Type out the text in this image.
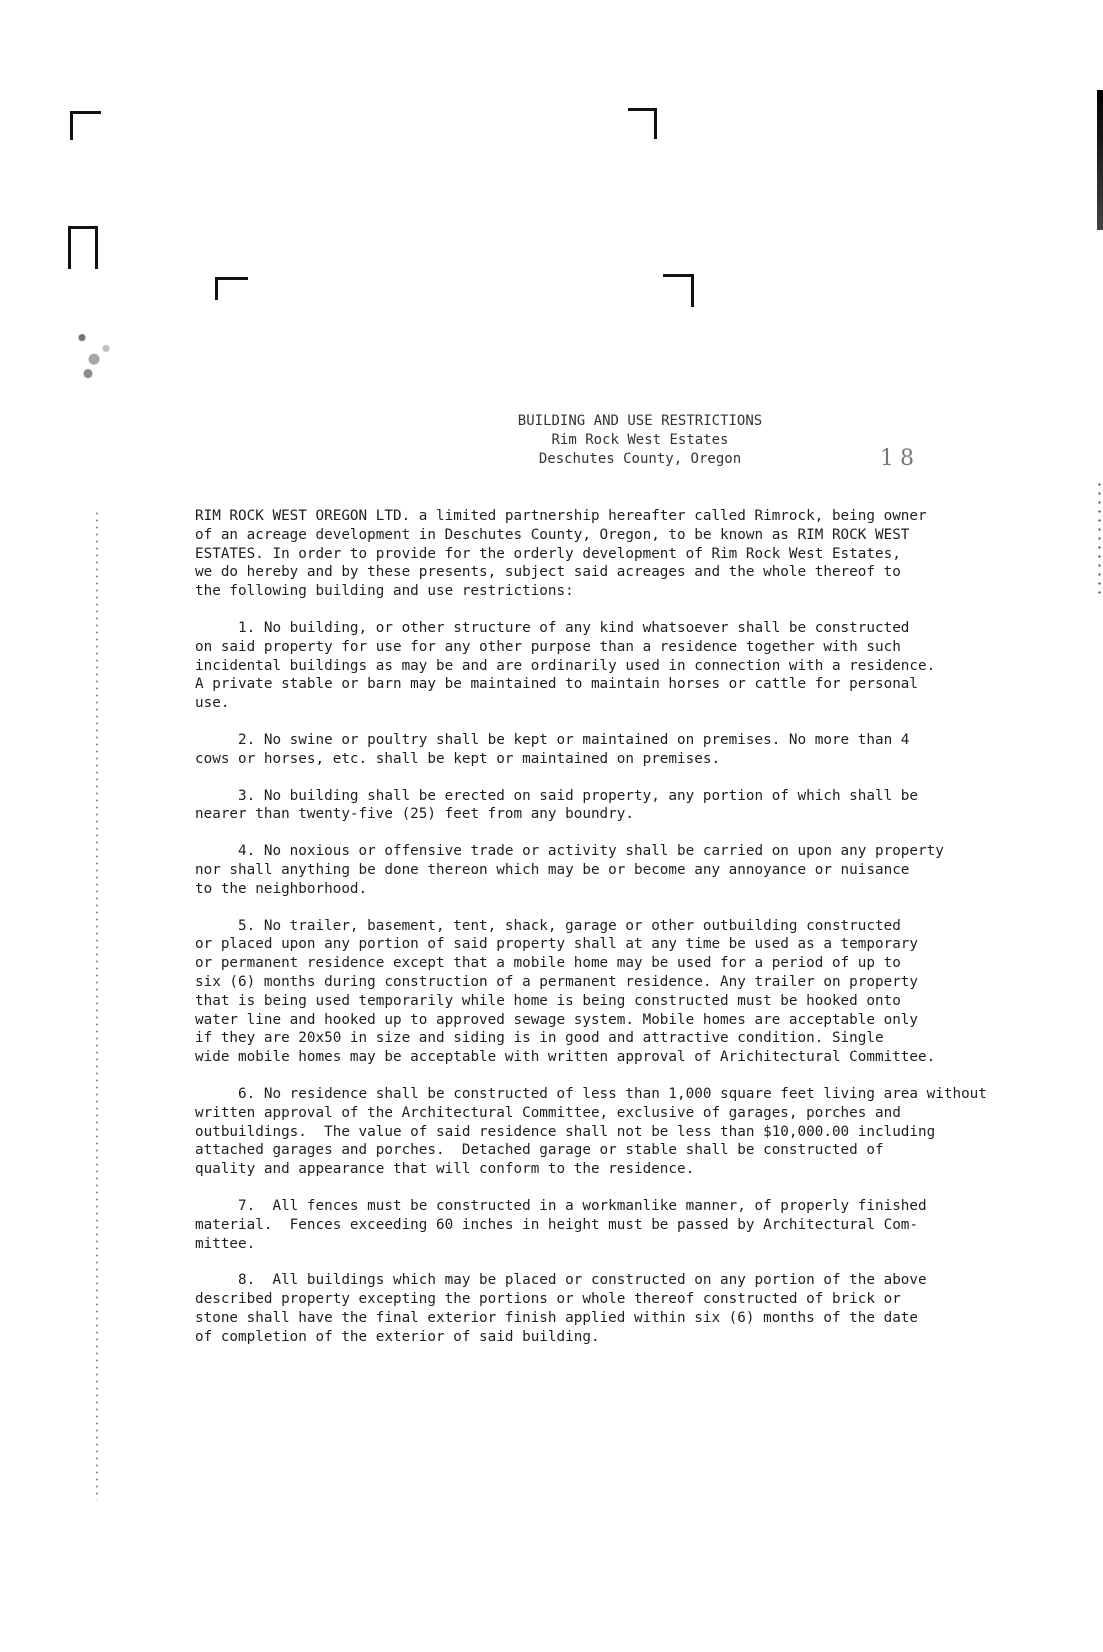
BUILDING AND USE RESTRICTIONS
Rim Rock West Estates
Deschutes County, Oregon	18

RIM ROCK WEST OREGON LTD. a limited partnership hereafter called Rimrock, being owner

of an acreage development in Deschutes County, Oregon, to be known as RIM ROCK WEST

ESTATES. In order to provide for the orderly development of Rim Rock West Estates,

we do hereby and by these presents, subject said acreages and the whole thereof to

the following building and use restrictions:

1. No building, or other structure of any kind whatsoever shall be constructed

on said property for use for any other purpose than a residence together with such

incidental buildings as may be and are ordinarily used in connection with a residence.

A private stable or barn may be maintained to maintain horses or cattle for personal

use.

2. No swine or poultry shall be kept or maintained on premises. No more than 4

cows or horses, etc. shall be kept or maintained on premises.

3. No building shall be erected on said property, any portion of which shall be

nearer than twenty-five (25) feet from any boundry.

4. No noxious or offensive trade or activity shall be carried on upon any property

nor shall anything be done thereon which may be or become any annoyance or nuisance

to the neighborhood.

5. No trailer, basement, tent, shack, garage or other outbuilding constructed

or placed upon any portion of said property shall at any time be used as a temporary

or permanent residence except that a mobile home may be used for a period of up to

six (6) months during construction of a permanent residence. Any trailer on property

that is being used temporarily while home is being constructed must be hooked onto

water line and hooked up to approved sewage system. Mobile homes are acceptable only

if they are 20x50 in size and siding is in good and attractive condition. Single

wide mobile homes may be acceptable with written approval of Arichitectural Committee.

6. No residence shall be constructed of less than 1,000 square feet living area without

written approval of the Architectural Committee, exclusive of garages, porches and

outbuildings.  The value of said residence shall not be less than $10,000.00 including

attached garages and porches.  Detached garage or stable shall be constructed of

quality and appearance that will conform to the residence.

7.  All fences must be constructed in a workmanlike manner, of properly finished

material.  Fences exceeding 60 inches in height must be passed by Architectural Com-

mittee.

8.  All buildings which may be placed or constructed on any portion of the above

described property excepting the portions or whole thereof constructed of brick or

stone shall have the final exterior finish applied within six (6) months of the date

of completion of the exterior of said building.
